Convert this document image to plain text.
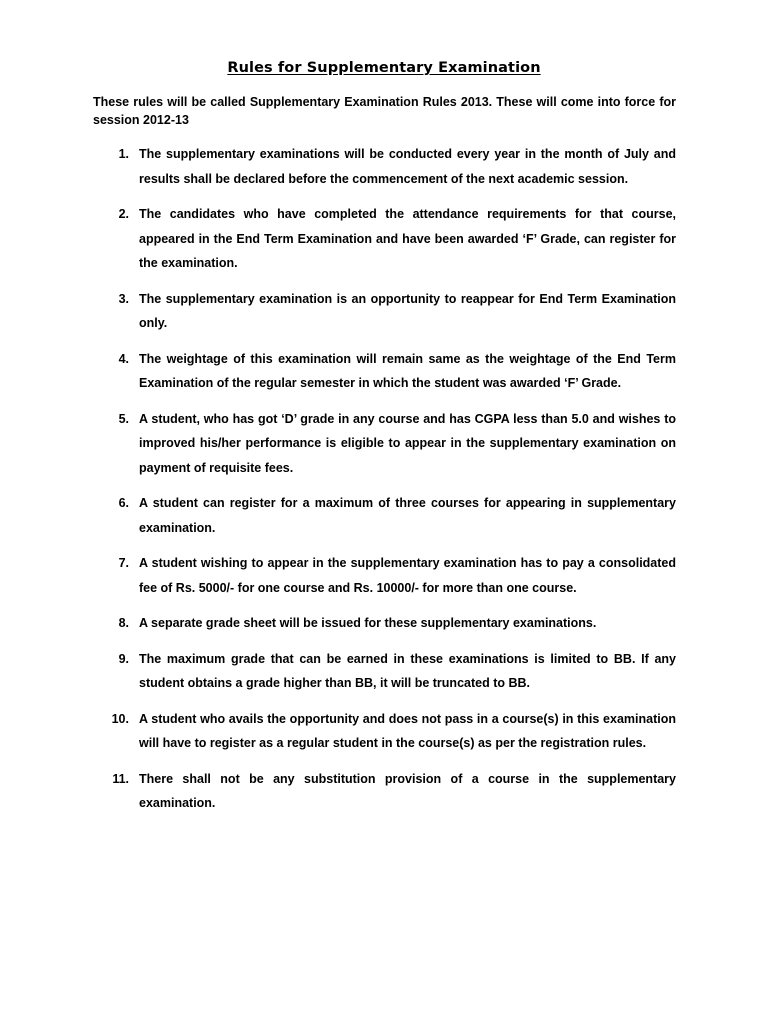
Rules for Supplementary Examination
These rules will be called Supplementary Examination Rules 2013. These will come into force for session 2012-13
1. The supplementary examinations will be conducted every year in the month of July and results shall be declared before the commencement of the next academic session.
2. The candidates who have completed the attendance requirements for that course, appeared in the End Term Examination and have been awarded ‘F’ Grade, can register for the examination.
3. The supplementary examination is an opportunity to reappear for End Term Examination only.
4. The weightage of this examination will remain same as the weightage of the End Term Examination of the regular semester in which the student was awarded ‘F’ Grade.
5. A student, who has got ‘D’ grade in any course and has CGPA less than 5.0 and wishes to improved his/her performance is eligible to appear in the supplementary examination on payment of requisite fees.
6. A student can register for a maximum of three courses for appearing in supplementary examination.
7. A student wishing to appear in the supplementary examination has to pay a consolidated fee of Rs. 5000/- for one course and Rs. 10000/- for more than one course.
8. A separate grade sheet will be issued for these supplementary examinations.
9. The maximum grade that can be earned in these examinations is limited to BB. If any student obtains a grade higher than BB, it will be truncated to BB.
10. A student who avails the opportunity and does not pass in a course(s) in this examination will have to register as a regular student in the course(s) as per the registration rules.
11. There shall not be any substitution provision of a course in the supplementary examination.
